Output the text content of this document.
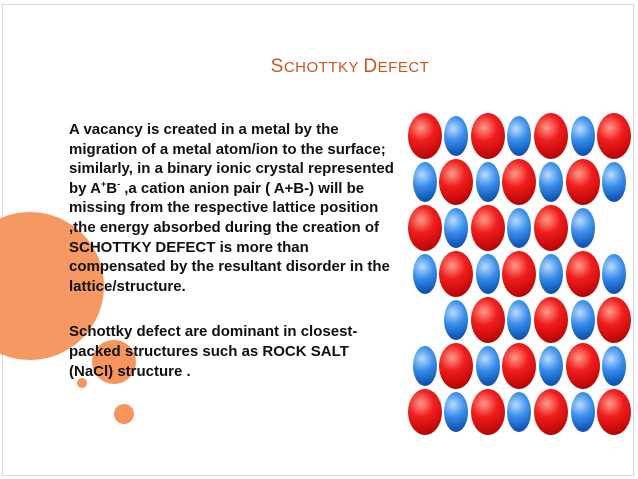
SCHOTTKY DEFECT

A vacancy is created in a metal by the migration of a metal atom/ion to the surface; similarly, in a binary ionic crystal represented by A+B- ,a cation anion pair ( A+B-) will be missing from the respective lattice position ,the energy absorbed during the creation of SCHOTTKY DEFECT is more than compensated by the resultant disorder in the lattice/structure.

Schottky defect are dominant in closest-packed structures such as ROCK SALT (NaCl) structure .
